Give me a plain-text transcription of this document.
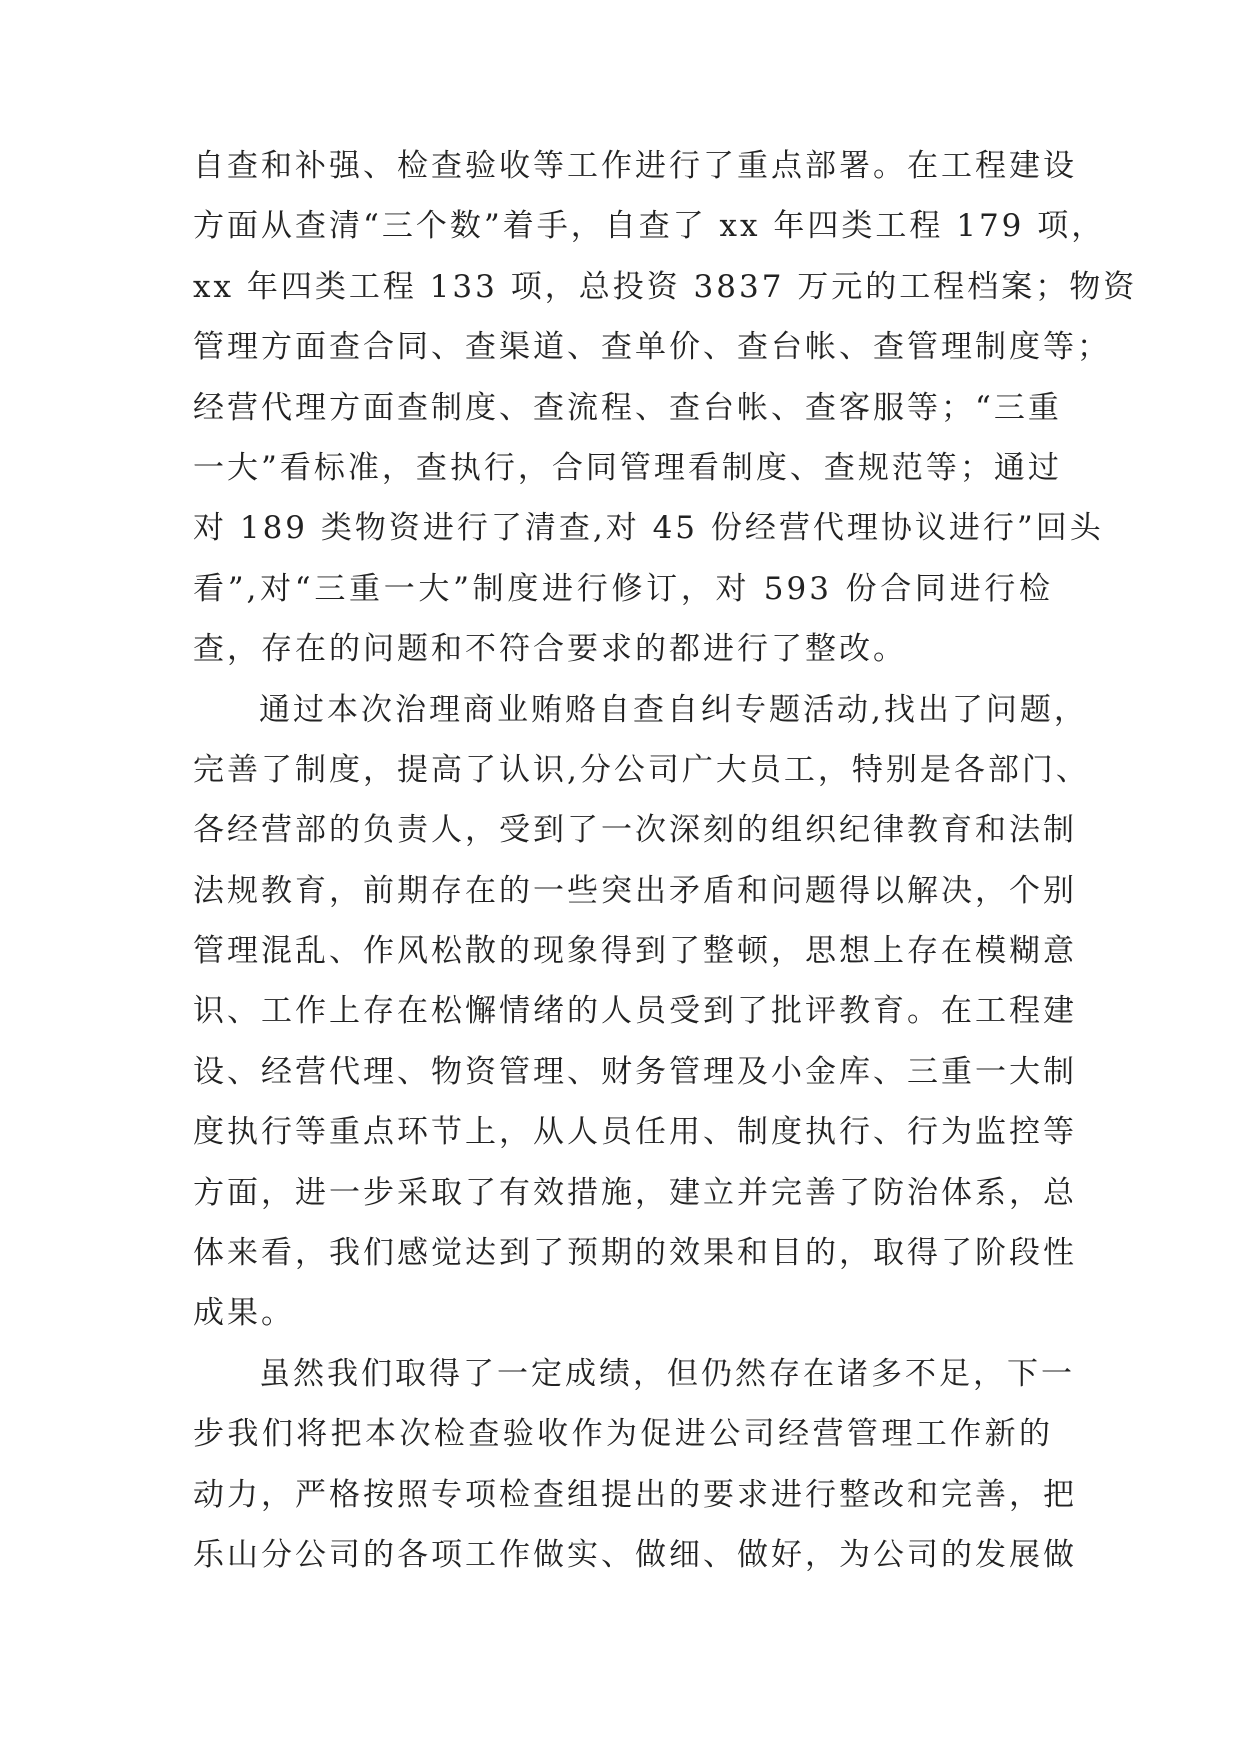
自查和补强、检查验收等工作进行了重点部署。在工程建设
方面从查清“三个数”着手，自查了 xx 年四类工程 179 项，
xx 年四类工程 133 项，总投资 3837 万元的工程档案；物资
管理方面查合同、查渠道、查单价、查台帐、查管理制度等；
经营代理方面查制度、查流程、查台帐、查客服等；“三重
一大”看标准，查执行，合同管理看制度、查规范等；通过
对 189 类物资进行了清查,对 45 份经营代理协议进行”回头
看”,对“三重一大”制度进行修订，对 593 份合同进行检
查，存在的问题和不符合要求的都进行了整改。
通过本次治理商业贿赂自查自纠专题活动,找出了问题，
完善了制度，提高了认识,分公司广大员工，特别是各部门、
各经营部的负责人，受到了一次深刻的组织纪律教育和法制
法规教育，前期存在的一些突出矛盾和问题得以解决，个别
管理混乱、作风松散的现象得到了整顿，思想上存在模糊意
识、工作上存在松懈情绪的人员受到了批评教育。在工程建
设、经营代理、物资管理、财务管理及小金库、三重一大制
度执行等重点环节上，从人员任用、制度执行、行为监控等
方面，进一步采取了有效措施，建立并完善了防治体系，总
体来看，我们感觉达到了预期的效果和目的，取得了阶段性
成果。
虽然我们取得了一定成绩，但仍然存在诸多不足，下一
步我们将把本次检查验收作为促进公司经营管理工作新的
动力，严格按照专项检查组提出的要求进行整改和完善，把
乐山分公司的各项工作做实、做细、做好，为公司的发展做
